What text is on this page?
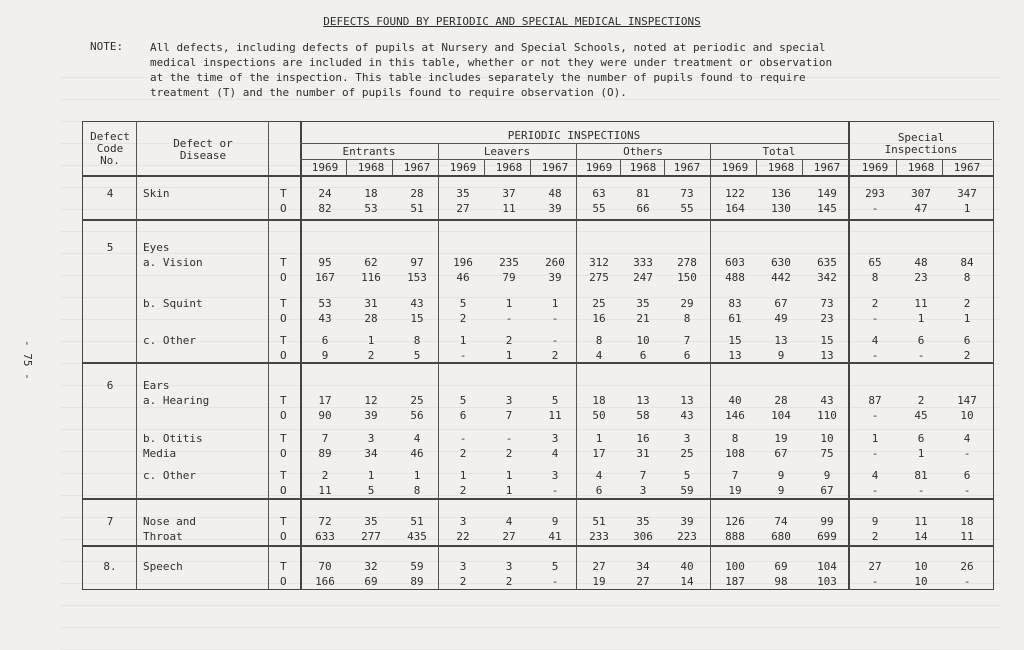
DEFECTS FOUND BY PERIODIC AND SPECIAL MEDICAL INSPECTIONS
NOTE: All defects, including defects of pupils at Nursery and Special Schools, noted at periodic and special
medical inspections are included in this table, whether or not they were under treatment or observation
at the time of the inspection. This table includes separately the number of pupils found to require
treatment (T) and the number of pupils found to require observation (O).
- 75 -
Defect
Code
No.
Defect or
Disease
PERIODIC INSPECTIONS	Special
Inspections
Entrants	Leavers	Others	Total
1969	1968	1967	1969	1968	1967	1969	1968	1967	1969	1968	1967	1969	1968	1967
4	Skin	T	24	18	28	35	37	48	63	81	73	122	136	149	293	307	347
O	82	53	51	27	11	39	55	66	55	164	130	145	-	47	1
5	Eyes
a. Vision	T	95	62	97	196	235	260	312	333	278	603	630	635	65	48	84
O	167	116	153	46	79	39	275	247	150	488	442	342	8	23	8
b. Squint	T	53	31	43	5	1	1	25	35	29	83	67	73	2	11	2
O	43	28	15	2	-	-	16	21	8	61	49	23	-	1	1
c. Other	T	6	1	8	1	2	-	8	10	7	15	13	15	4	6	6
O	9	2	5	-	1	2	4	6	6	13	9	13	-	-	2
6	Ears
a. Hearing	T	17	12	25	5	3	5	18	13	13	40	28	43	87	2	147
O	90	39	56	6	7	11	50	58	43	146	104	110	-	45	10
b. Otitis	T	7	3	4	-	-	3	1	16	3	8	19	10	1	6	4
Media	O	89	34	46	2	2	4	17	31	25	108	67	75	-	1	-
c. Other	T	2	1	1	1	1	3	4	7	5	7	9	9	4	81	6
O	11	5	8	2	1	-	6	3	59	19	9	67	-	-	-
7	Nose and	T	72	35	51	3	4	9	51	35	39	126	74	99	9	11	18
Throat	O	633	277	435	22	27	41	233	306	223	888	680	699	2	14	11
8.	Speech	T	70	32	59	3	3	5	27	34	40	100	69	104	27	10	26
O	166	69	89	2	2	-	19	27	14	187	98	103	-	10	-
